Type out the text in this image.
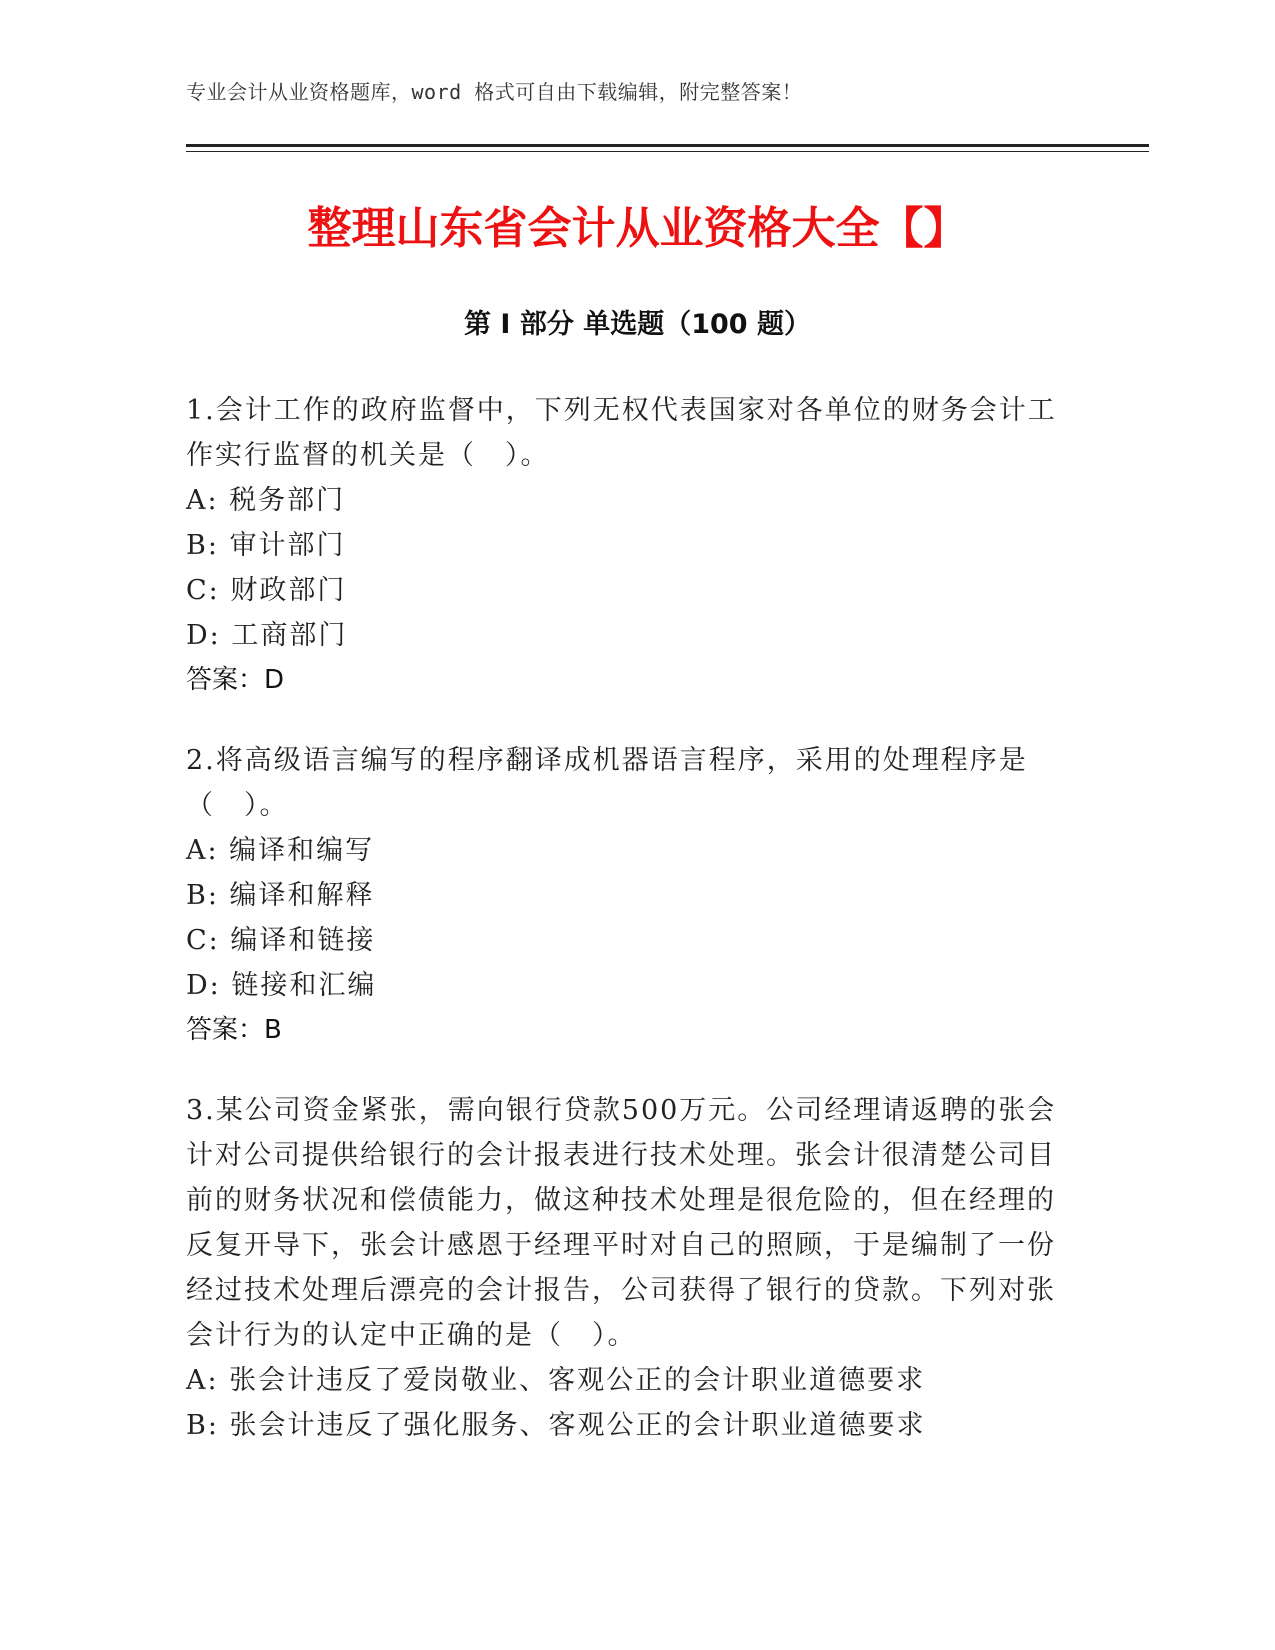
专业会计从业资格题库，word 格式可自由下载编辑，附完整答案！
整理山东省会计从业资格大全【】
第 I 部分 单选题（100 题）

1.会计工作的政府监督中，下列无权代表国家对各单位的财务会计工作实行监督的机关是（　）。

A: 税务部门

B: 审计部门

C: 财政部门

D: 工商部门

答案：D

2.将高级语言编写的程序翻译成机器语言程序，采用的处理程序是（　）。

A: 编译和编写

B: 编译和解释

C: 编译和链接

D: 链接和汇编

答案：B

3.某公司资金紧张，需向银行贷款500万元。公司经理请返聘的张会计对公司提供给银行的会计报表进行技术处理。张会计很清楚公司目前的财务状况和偿债能力，做这种技术处理是很危险的，但在经理的反复开导下，张会计感恩于经理平时对自己的照顾，于是编制了一份经过技术处理后漂亮的会计报告，公司获得了银行的贷款。下列对张会计行为的认定中正确的是（　）。

A: 张会计违反了爱岗敬业、客观公正的会计职业道德要求

B: 张会计违反了强化服务、客观公正的会计职业道德要求
